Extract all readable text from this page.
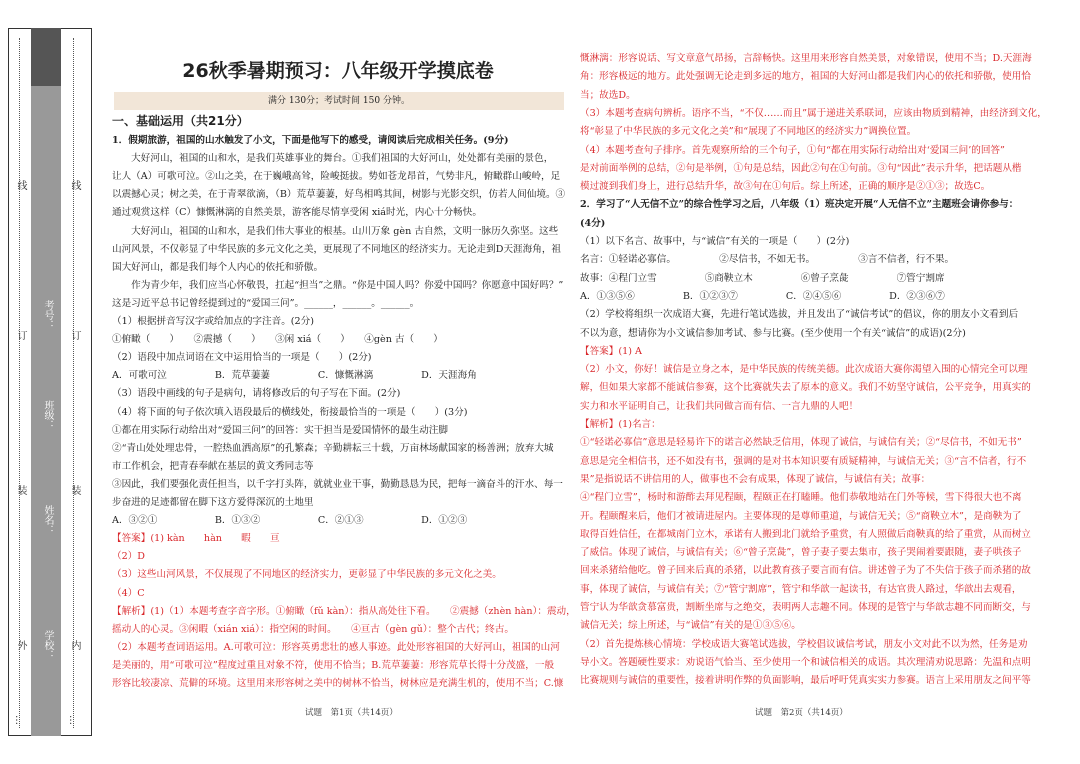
外
装
订
线
内
装
订
线
学校：
姓名：
班级：
考号：
…	…
26秋季暑期预习：八年级开学摸底卷
满分 130分；考试时间 150 分钟。
一、基础运用（共21分）
1．假期旅游，祖国的山水触发了小文，下面是他写下的感受，请阅读后完成相关任务。(9分)
　　大好河山，祖国的山和水，是我们英雄事业的舞台。①我们祖国的大好河山，处处都有美丽的景色，
让人（A）可歌可泣。②山之美，在于巍峨高耸，险峻挺拔。势如苍龙昂首，气势非凡，俯瞰群山峻岭，足
以震撼心灵；树之美，在于青翠欲滴，（B）荒草萋萋，好鸟相鸣其间，树影与光影交织，仿若人间仙境。③
通过观赏这样（C）慷慨淋漓的自然美景，游客能尽情享受闲 xiá时光，内心十分畅快。
　　大好河山，祖国的山和水，是我们伟大事业的根基。山川万象 gèn 古自然，文明一脉历久弥坚。这些
山河风景，不仅彰显了中华民族的多元文化之美，更展现了不同地区的经济实力。无论走到D天涯海角，祖
国大好河山，都是我们每个人内心的依托和骄傲。
　　作为青少年，我们应当心怀敬畏，扛起“担当”之鼎。“你是中国人吗？你爱中国吗？你愿意中国好吗？”
这是习近平总书记曾经提到过的“爱国三问”。______，______。______。
（1）根据拼音写汉字或给加点的字注音。(2分)
①俯瞰（　　）　　②震撼（　　）　　③闲 xiá（　　）　　④gèn 古（　　）
（2）语段中加点词语在文中运用恰当的一项是（　　）(2分)
A．可歌可泣　　　　　B．荒草萋萋　　　　　C．慷慨淋漓　　　　　D．天涯海角
（3）语段中画线的句子是病句，请将修改后的句子写在下面。(2分)
（4）将下面的句子依次填入语段最后的横线处，衔接最恰当的一项是（　　）(3分)
①都在用实际行动给出对“爱国三问”的回答：实干担当是爱国情怀的最生动注脚
②“青山处处埋忠骨，一腔热血洒高原”的孔繁森；辛勤耕耘三十载，万亩林场献国家的杨善洲；放弃大城
市工作机会，把青春奉献在基层的黄文秀同志等
③因此，我们要强化责任担当，以千字打头阵，就就业业干事，勤勤恳恳为民，把每一滴奋斗的汗水、每一
步奋进的足迹都留在脚下这方爱得深沉的土地里
A．③②①　　　　　　B．①③②　　　　　　C．②①③　　　　　　D．①②③
【答案】(1) kàn　　hàn　　暇　　亘
（2）D
（3）这些山河风景，不仅展现了不同地区的经济实力，更彰显了中华民族的多元文化之美。
（4）C
【解析】(1)（1）本题考查字音字形。①俯瞰（fǔ kàn）：指从高处往下看。　　②震撼（zhèn hàn）：震动，
摇动人的心灵。③闲暇（xián xiá）：指空闲的时间。　　④亘古（gèn gǔ）：整个古代；终古。
（2）本题考查词语运用。A.可歌可泣：形容英勇悲壮的感人事迹。此处形容祖国的大好河山，祖国的山河
是美丽的，用“可歌可泣”程度过重且对象不符，使用不恰当；B.荒草萋萋：形容荒草长得十分茂盛，一般
形容比较凄凉、荒僻的环境。这里用来形容树之美中的树林不恰当，树林应是充满生机的，使用不当；C.慷
试题　第1页（共14页）
慨淋漓：形容说话、写文章意气昂扬，言辞畅快。这里用来形容自然美景，对象错误，使用不当；D.天涯海
角：形容极远的地方。此处强调无论走到多远的地方，祖国的大好河山都是我们内心的依托和骄傲，使用恰
当；故选D。
（3）本题考查病句辨析。语序不当，“不仅……而且”属于递进关系联词，应该由物质到精神，由经济到文化，
将“彰显了中华民族的多元文化之美”和“展现了不同地区的经济实力”调换位置。
（4）本题考查句子排序。首先观察所给的三个句子，①句“都在用实际行动给出对‘爱国三问’的回答”
是对前面举例的总结，②句是举例，①句是总结，因此②句在①句前。③句“因此”表示升华，把话题从楷
模过渡到我们身上，进行总结升华，故③句在①句后。综上所述，正确的顺序是②①③；故选C。
2．学习了“人无信不立”的综合性学习之后，八年级（1）班决定开展“人无信不立”主题班会请你参与：
(4分)
（1）以下名言、故事中，与“诚信”有关的一项是（　　）(2分)
名言：①轻诺必寡信。　　　　　②尽信书，不如无书。　　　　　③言不信者，行不果。
故事：④程门立雪　　　　　⑤商鞅立木　　　　　⑥曾子烹彘　　　　　⑦管宁割席
A．①③⑤⑥　　　　　B．①②③⑦　　　　　C．②④⑤⑥　　　　　D．②③⑥⑦
（2）学校将组织一次成语大赛，先进行笔试选拔，并且发出了“诚信考试”的倡议，你的朋友小文看到后
不以为意，想请你为小文诚信参加考试、参与比赛。(至少使用一个有关“诚信”的成语)(2分)
【答案】(1) A
（2）小文，你好！诚信是立身之本，是中华民族的传统美德。此次成语大赛你渴望入围的心情完全可以理
解，但如果大家都不能诚信参赛，这个比赛就失去了原本的意义。我们不妨坚守诚信，公平竞争，用真实的
实力和水平证明自己，让我们共同做言而有信、一言九鼎的人吧！
【解析】(1)名言：
①“轻诺必寡信”意思是轻易许下的诺言必然缺乏信用，体现了诚信，与诚信有关；②“尽信书，不如无书”
意思是完全相信书，还不如没有书，强调的是对书本知识要有质疑精神，与诚信无关；③“言不信者，行不
果”是指说话不讲信用的人，做事也不会有成果，体现了诚信，与诚信有关；故事：
④“程门立雪”，杨时和游酢去拜见程颐，程颐正在打瞌睡。他们恭敬地站在门外等候，雪下得很大也不离
开。程颐醒来后，他们才被请进屋内。主要体现的是尊师重道，与诚信无关；⑤“商鞅立木”，是商鞅为了
取得百姓信任，在都城南门立木，承诺有人搬到北门就给予重赏，有人照做后商鞅真的给了重赏，从而树立
了威信。体现了诚信，与诚信有关；⑥“曾子烹彘”，曾子妻子要去集市，孩子哭闹着要跟随，妻子哄孩子
回来杀猪给他吃。曾子回来后真的杀猪，以此教育孩子要言而有信。讲述曾子为了不失信于孩子而杀猪的故
事，体现了诚信，与诚信有关；⑦“管宁割席”，管宁和华歆一起读书，有达官贵人路过，华歆出去观看，
管宁认为华歆贪慕富贵，割断坐席与之绝交，表明两人志趣不同。体现的是管宁与华歆志趣不同而断交，与
诚信无关；综上所述，与“诚信”有关的是①③⑤⑥。
（2）首先提炼核心情境：学校成语大赛笔试选拔，学校倡议诚信考试，朋友小文对此不以为然，任务是劝
导小文。答题硬性要求：劝说语气恰当、至少使用一个和诚信相关的成语。其次理清劝说思路：先温和点明
比赛规则与诚信的重要性，接着讲明作弊的负面影响，最后呼吁凭真实实力参赛。语言上采用朋友之间平等
试题　第2页（共14页）
